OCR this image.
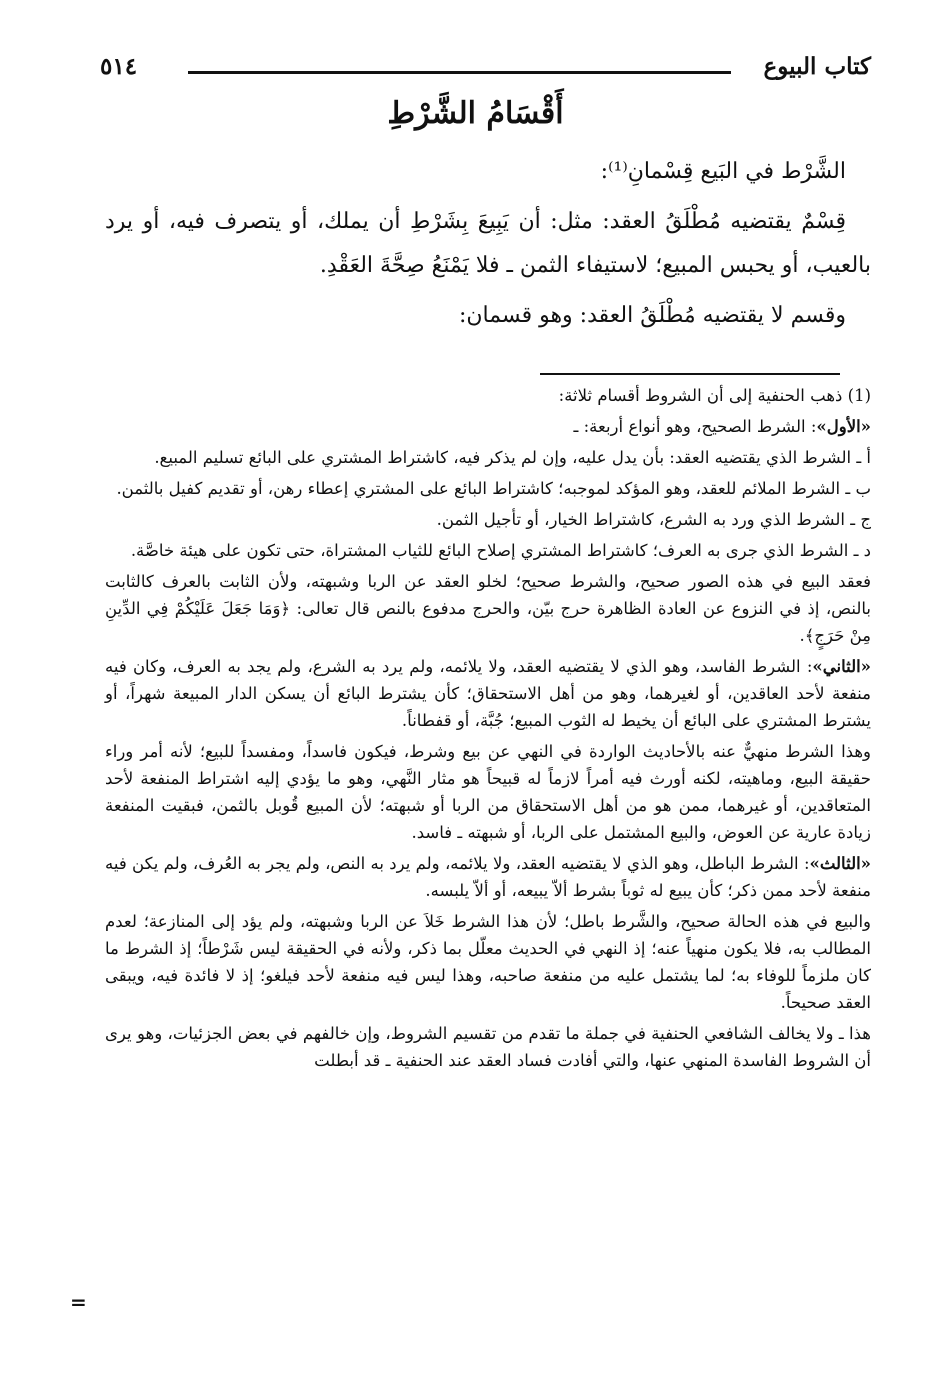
٥١٤	كتاب البيوع
أَقْسَامُ الشَّرْطِ

الشَّرْط في البَيع قِسْمانِ⁽¹⁾:

قِسْمٌ يقتضيه مُطْلَقُ العقد: مثل: أن يَبِيعَ بِشَرْطِ أن يملك، أو يتصرف فيه، أو يرد بالعيب، أو يحبس المبيع؛ لاستيفاء الثمن ـ فلا يَمْنَعُ صِحَّةَ العَقْدِ.

وقسم لا يقتضيه مُطْلَقُ العقد: وهو قسمان:

(1) ذهب الحنفية إلى أن الشروط أقسام ثلاثة:

«الأول»: الشرط الصحيح، وهو أنواع أربعة: ـ

أ ـ الشرط الذي يقتضيه العقد: بأن يدل عليه، وإن لم يذكر فيه، كاشتراط المشتري على البائع تسليم المبيع.

ب ـ الشرط الملائم للعقد، وهو المؤكد لموجبه؛ كاشتراط البائع على المشتري إعطاء رهن، أو تقديم كفيل بالثمن.

ج ـ الشرط الذي ورد به الشرع، كاشتراط الخيار، أو تأجيل الثمن.

د ـ الشرط الذي جرى به العرف؛ كاشتراط المشتري إصلاح البائع للثياب المشتراة، حتى تكون على هيئة خاصَّة.

فعقد البيع في هذه الصور صحيح، والشرط صحيح؛ لخلو العقد عن الربا وشبهته، ولأن الثابت بالعرف كالثابت بالنص، إذ في النزوع عن العادة الظاهرة حرج بيّن، والحرج مدفوع بالنص قال تعالى: ﴿وَمَا جَعَلَ عَلَيْكُمْ فِي الدِّينِ مِنْ حَرَجٍ﴾.

«الثاني»: الشرط الفاسد، وهو الذي لا يقتضيه العقد، ولا يلائمه، ولم يرد به الشرع، ولم يجد به العرف، وكان فيه منفعة لأحد العاقدين، أو لغيرهما، وهو من أهل الاستحقاق؛ كأن يشترط البائع أن يسكن الدار المبيعة شهراً، أو يشترط المشتري على البائع أن يخيط له الثوب المبيع؛ جُبَّة، أو قفطاناً.

وهذا الشرط منهيٌّ عنه بالأحاديث الواردة في النهي عن بيع وشرط، فيكون فاسداً، ومفسداً للبيع؛ لأنه أمر وراء حقيقة البيع، وماهيته، لكنه أورث فيه أمراً لازماً له قبيحاً هو مثار النَّهي، وهو ما يؤدي إليه اشتراط المنفعة لأحد المتعاقدين، أو غيرهما، ممن هو من أهل الاستحقاق من الربا أو شبهته؛ لأن المبيع قُوبل بالثمن، فبقيت المنفعة زيادة عارية عن العوض، والبيع المشتمل على الربا، أو شبهته ـ فاسد.

«الثالث»: الشرط الباطل، وهو الذي لا يقتضيه العقد، ولا يلائمه، ولم يرد به النص، ولم يجر به العُرف، ولم يكن فيه منفعة لأحد ممن ذكر؛ كأن يبيع له ثوباً بشرط ألاّ يبيعه، أو ألاّ يلبسه.

والبيع في هذه الحالة صحيح، والشَّرط باطل؛ لأن هذا الشرط خَلاَ عن الربا وشبهته، ولم يؤد إلى المنازعة؛ لعدم المطالب به، فلا يكون منهياً عنه؛ إذ النهي في الحديث معلّل بما ذكر، ولأنه في الحقيقة ليس شَرْطاً؛ إذ الشرط ما كان ملزماً للوفاء به؛ لما يشتمل عليه من منفعة صاحبه، وهذا ليس فيه منفعة لأحد فيلغو؛ إذ لا فائدة فيه، ويبقى العقد صحيحاً.

هذا ـ ولا يخالف الشافعي الحنفية في جملة ما تقدم من تقسيم الشروط، وإن خالفهم في بعض الجزئيات، وهو يرى أن الشروط الفاسدة المنهي عنها، والتي أفادت فساد العقد عند الحنفية ـ قد أبطلت

=
